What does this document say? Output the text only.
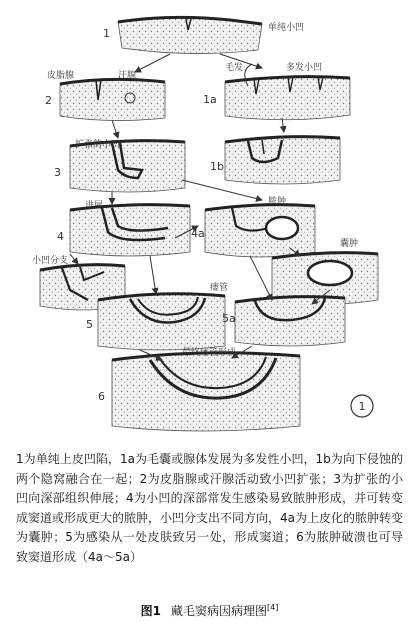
1	单纯小凹
2
皮脂腺	汗腺
1a
毛发	多发小凹
3
扩张的小凹
1b
4
进展
4a
脓肿
囊肿
小凹分支
5
瘘管
5a
6
最终瘘管形成
1
1为单纯上皮凹陷，1a为毛囊或腺体发展为多发性小凹，1b为向下侵蚀的两个隐窝融合在一起；2为皮脂腺或汗腺活动致小凹扩张；3为扩张的小凹向深部组织伸展；4为小凹的深部常发生感染易致脓肿形成，并可转变成窦道或形成更大的脓肿，小凹分支出不同方向，4a为上皮化的脓肿转变为囊肿；5为感染从一处皮肤致另一处，形成窦道；6为脓肿破溃也可导致窦道形成（4a～5a）
图1 藏毛窦病因病理图[4]
